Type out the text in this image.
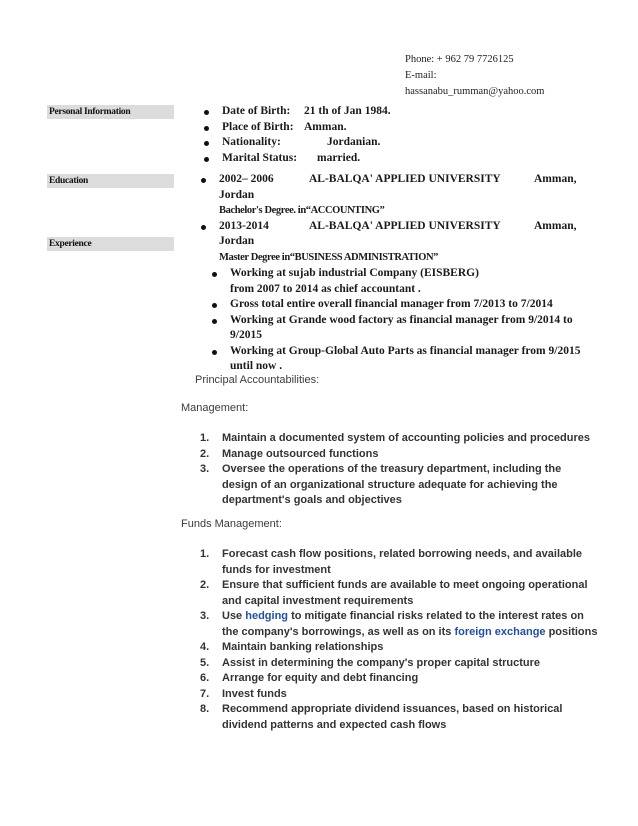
Phone: + 962 79 7726125
E-mail:
hassanabu_rumman@yahoo.com
Personal Information
Education
Experience
Date of Birth:	21 th of Jan 1984.
Place of Birth: Amman.
Nationality:	Jordanian.
Marital Status:	married.
2002– 2006	AL-BALQA' APPLIED UNIVERSITY	Amman,
Jordan
Bachelor's Degree. in“ACCOUNTING”
2013-2014	AL-BALQA' APPLIED UNIVERSITY	Amman,
Jordan
Master Degree in“BUSINESS ADMINISTRATION”
Working at sujab industrial Company (EISBERG)
from 2007 to 2014 as chief accountant .
Gross total entire overall financial manager from 7/2013 to 7/2014
Working at Grande wood factory as financial manager from 9/2014 to
9/2015
Working at Group-Global Auto Parts as financial manager from 9/2015
until now .
Principal Accountabilities:
Management:
1. Maintain a documented system of accounting policies and procedures
2. Manage outsourced functions
3. Oversee the operations of the treasury department, including the
design of an organizational structure adequate for achieving the
department's goals and objectives
Funds Management:
1. Forecast cash flow positions, related borrowing needs, and available
funds for investment
2. Ensure that sufficient funds are available to meet ongoing operational
and capital investment requirements
3. Use hedging to mitigate financial risks related to the interest rates on
the company's borrowings, as well as on its foreign exchange positions
4. Maintain banking relationships
5. Assist in determining the company's proper capital structure
6. Arrange for equity and debt financing
7. Invest funds
8. Recommend appropriate dividend issuances, based on historical
dividend patterns and expected cash flows
